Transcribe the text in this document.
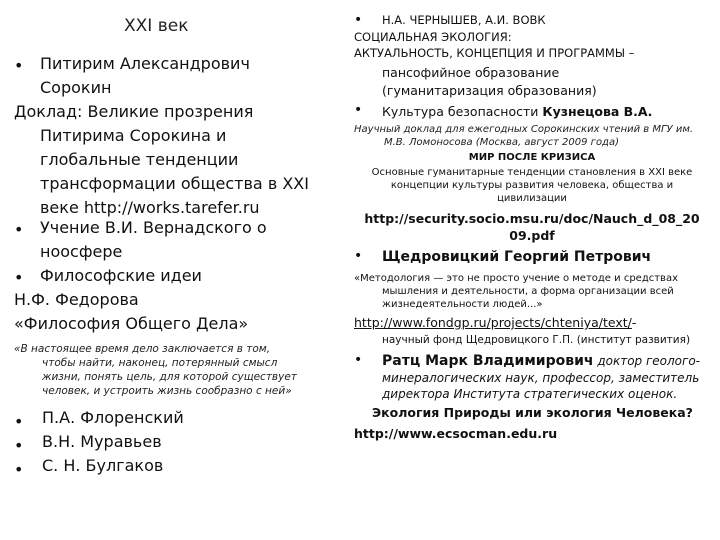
XXI век
• Питирим Александрович
Сорокин
Доклад: Великие прозрения
Питирима Сорокина и
глобальные тенденции
трансформации общества в XXI
веке http://works.tarefer.ru
• Учение В.И. Вернадского о
ноосфере
• Философские идеи
Н.Ф. Федорова
«Философия Общего Дела»
«В настоящее время дело заключается в том,
чтобы найти, наконец, потерянный смысл
жизни, понять цель, для которой существует
человек, и устроить жизнь сообразно с ней»
• П.А. Флоренский
• В.Н. Муравьев
• С. Н. Булгаков
• Н.А. ЧЕРНЫШЕВ, А.И. ВОВК
СОЦИАЛЬНАЯ ЭКОЛОГИЯ:
АКТУАЛЬНОСТЬ, КОНЦЕПЦИЯ И ПРОГРАММЫ –
пансофийное образование
(гуманитаризация образования)
• Культура безопасности Кузнецова В.А.
Научный доклад для ежегодных Сорокинских чтений в МГУ им.
М.В. Ломоносова (Москва, август 2009 года)
МИР ПОСЛЕ КРИЗИСА
Основные гуманитарные тенденции становления в XXI веке
концепции культуры развития человека, общества и
цивилизации
http://security.socio.msu.ru/doc/Nauch_d_08_20
09.pdf
• Щедровицкий Георгий Петрович
«Методология — это не просто учение о методе и средствах
мышления и деятельности, а форма организации всей
жизнедеятельности людей...»
http://www.fondgp.ru/projects/chteniya/text/-
научный фонд Щедровицкого Г.П. (институт развития)
• Ратц Марк Владимирович доктор геолого-
минералогических наук, профессор, заместитель
директора Института стратегических оценок.
Экология Природы или экология Человека?
http://www.ecsocman.edu.ru
